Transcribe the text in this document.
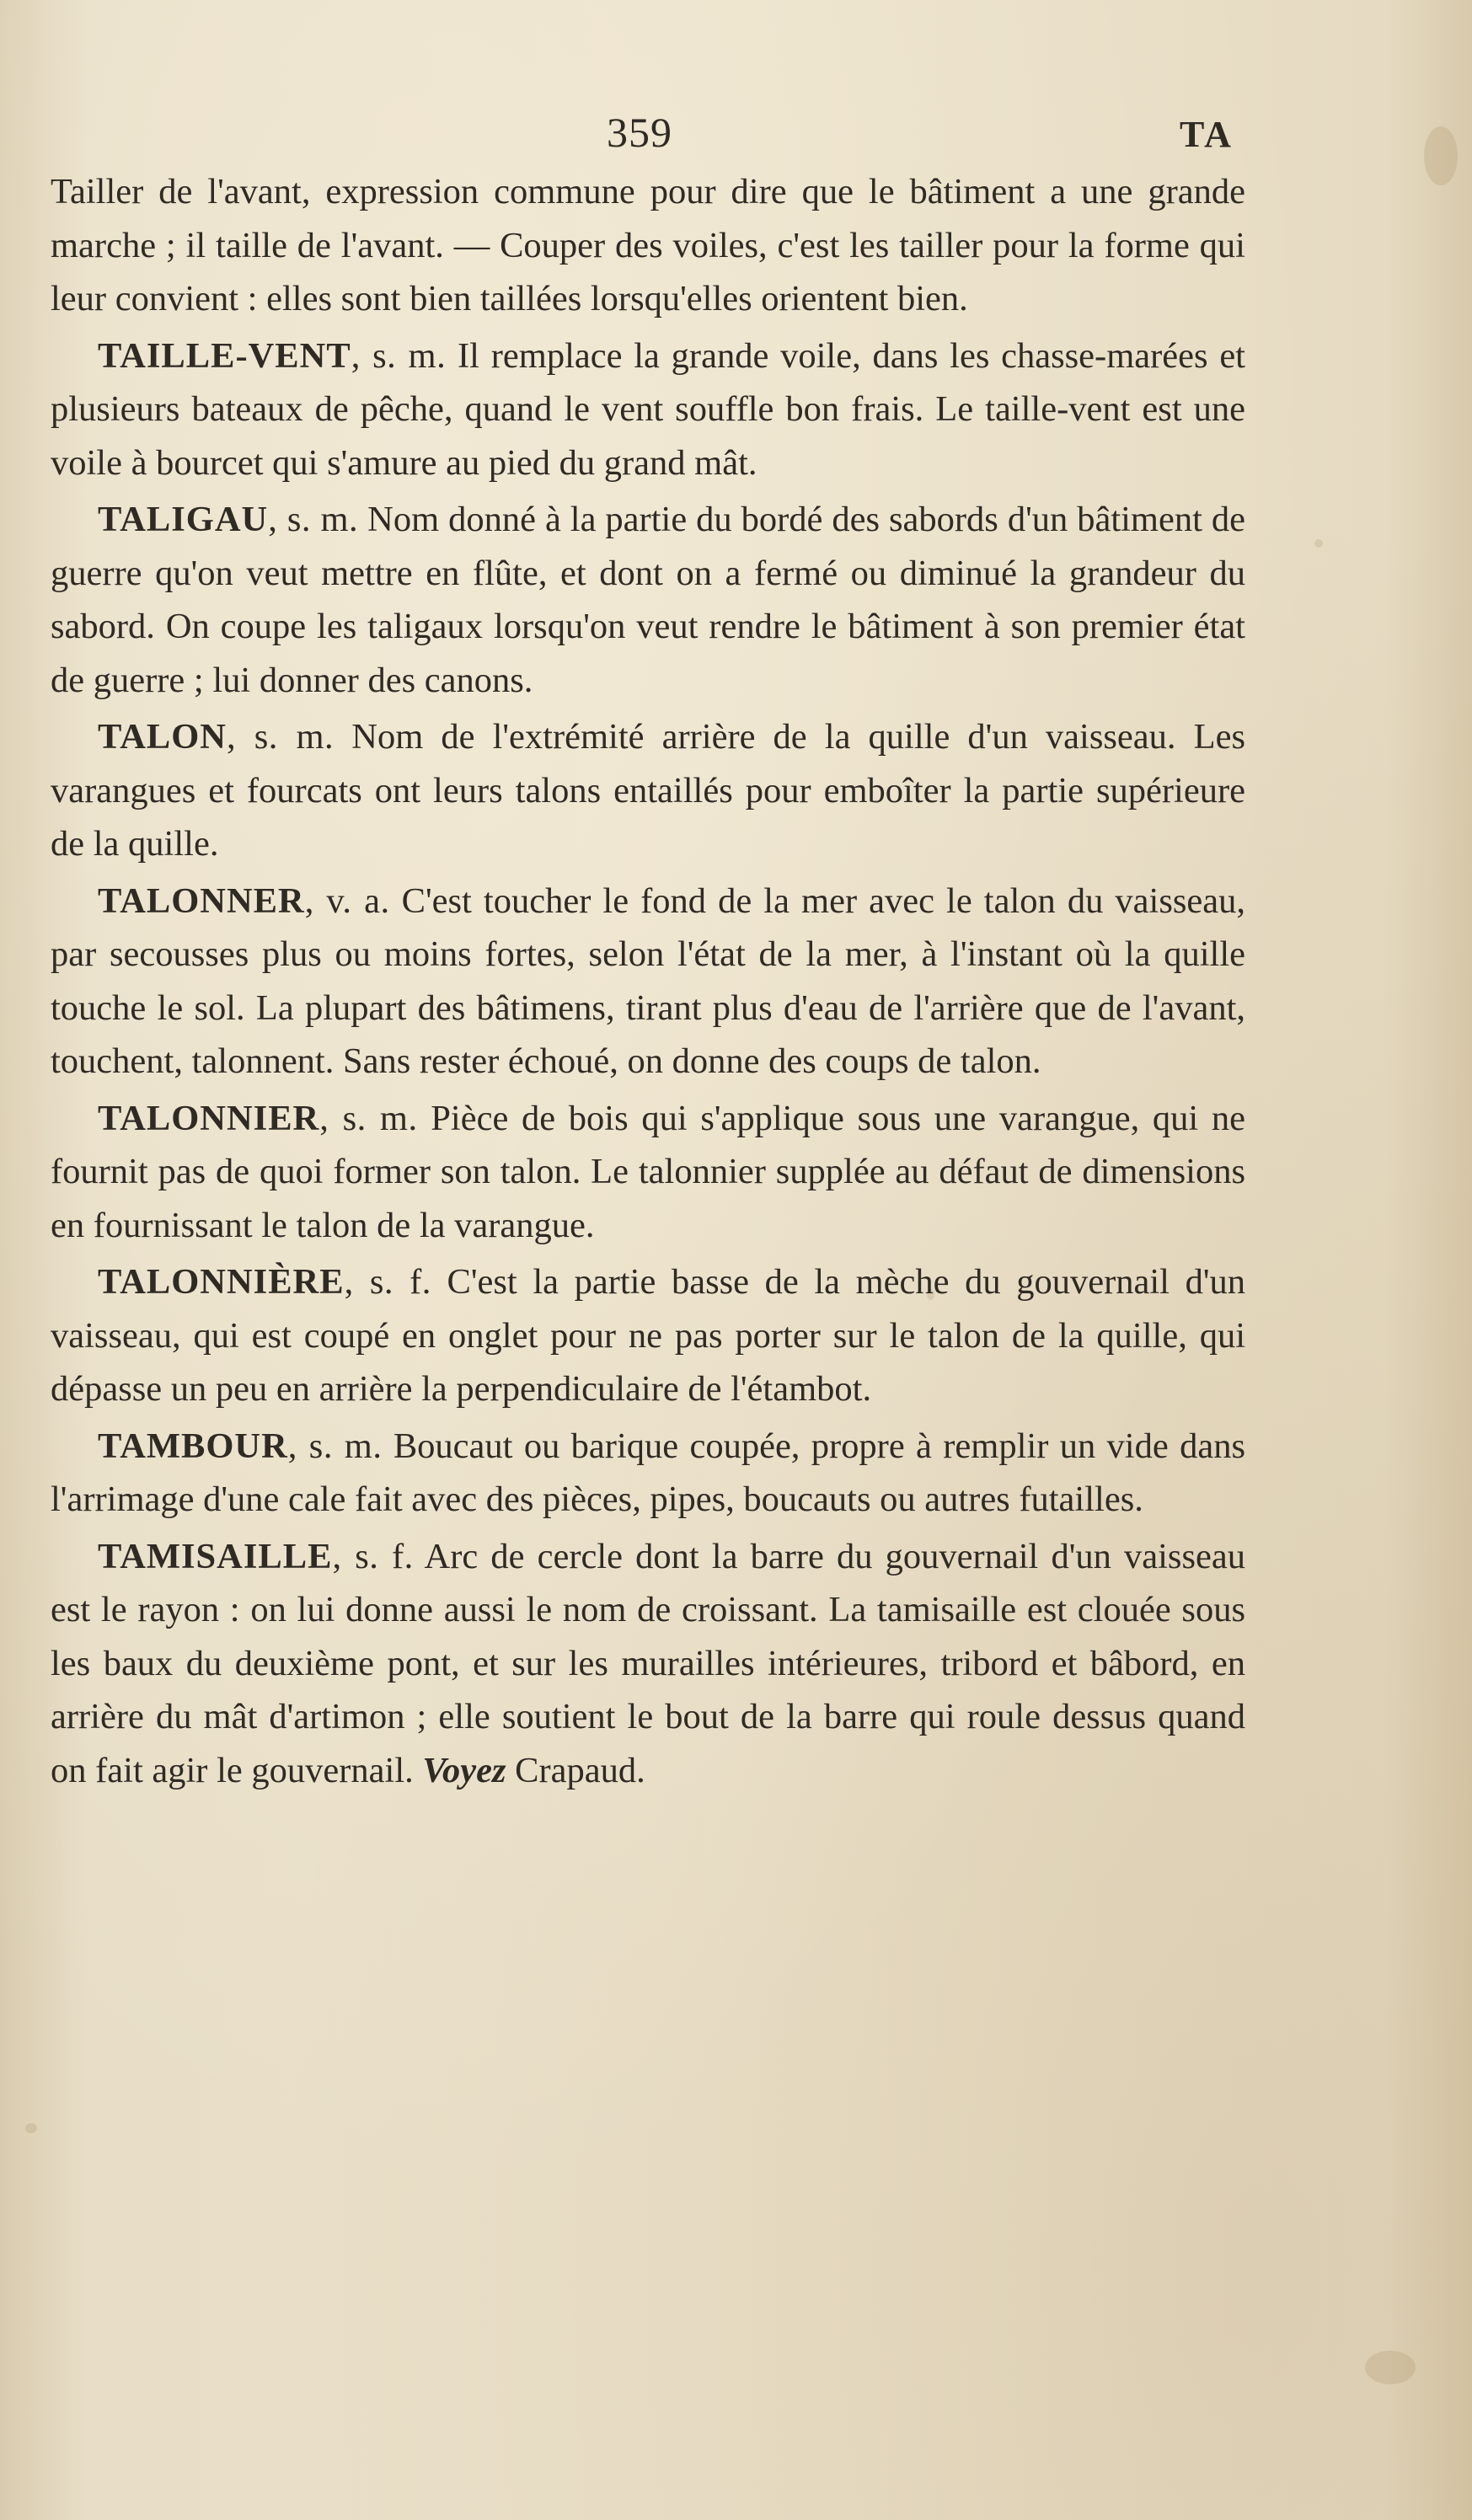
359	TA

Tailler de l'avant, expression commune pour dire que le bâtiment a une grande marche ; il taille de l'avant. — Couper des voiles, c'est les tailler pour la forme qui leur convient : elles sont bien taillées lorsqu'elles orientent bien.

TAILLE-VENT, s. m. Il remplace la grande voile, dans les chasse-marées et plusieurs bateaux de pêche, quand le vent souffle bon frais. Le taille-vent est une voile à bourcet qui s'amure au pied du grand mât.

TALIGAU, s. m. Nom donné à la partie du bordé des sabords d'un bâtiment de guerre qu'on veut mettre en flûte, et dont on a fermé ou diminué la grandeur du sabord. On coupe les taligaux lorsqu'on veut rendre le bâtiment à son premier état de guerre ; lui donner des canons.

TALON, s. m. Nom de l'extrémité arrière de la quille d'un vaisseau. Les varangues et fourcats ont leurs talons entaillés pour emboîter la partie supérieure de la quille.

TALONNER, v. a. C'est toucher le fond de la mer avec le talon du vaisseau, par secousses plus ou moins fortes, selon l'état de la mer, à l'instant où la quille touche le sol. La plupart des bâtimens, tirant plus d'eau de l'arrière que de l'avant, touchent, talonnent. Sans rester échoué, on donne des coups de talon.

TALONNIER, s. m. Pièce de bois qui s'applique sous une varangue, qui ne fournit pas de quoi former son talon. Le talonnier supplée au défaut de dimensions en fournissant le talon de la varangue.

TALONNIÈRE, s. f. C'est la partie basse de la mèche du gouvernail d'un vaisseau, qui est coupé en onglet pour ne pas porter sur le talon de la quille, qui dépasse un peu en arrière la perpendiculaire de l'étambot.

TAMBOUR, s. m. Boucaut ou barique coupée, propre à remplir un vide dans l'arrimage d'une cale fait avec des pièces, pipes, boucauts ou autres futailles.

TAMISAILLE, s. f. Arc de cercle dont la barre du gouvernail d'un vaisseau est le rayon : on lui donne aussi le nom de croissant. La tamisaille est clouée sous les baux du deuxième pont, et sur les murailles intérieures, tribord et bâbord, en arrière du mât d'artimon ; elle soutient le bout de la barre qui roule dessus quand on fait agir le gouvernail. Voyez Crapaud.
